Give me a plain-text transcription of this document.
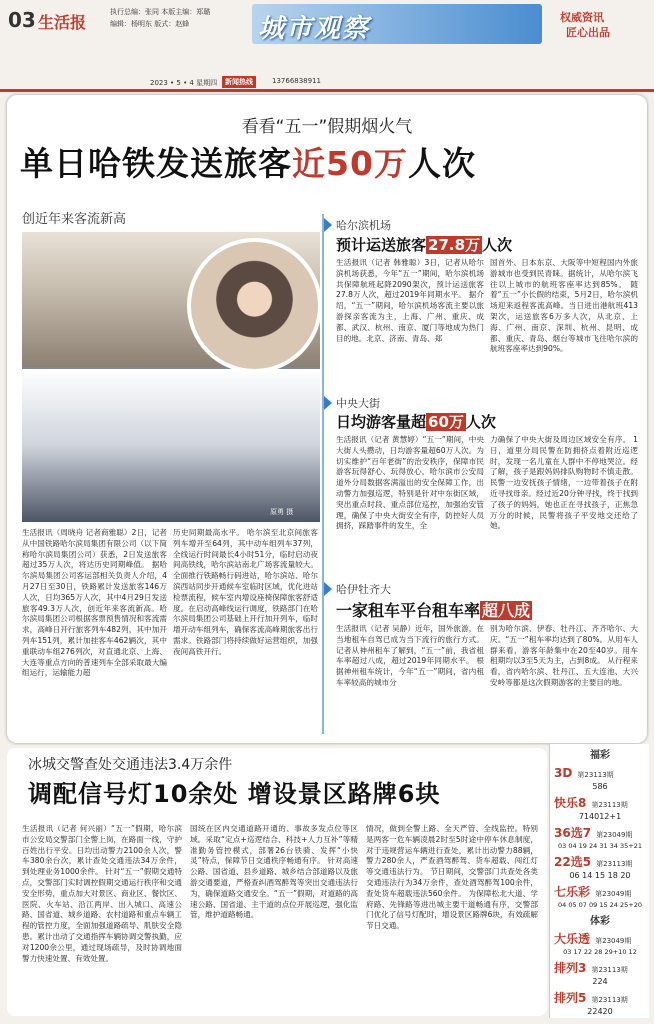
03 生活报
执行总编：张同 本版主编：郑璐
编辑：杨明东 版式：赵蜂	城市观察	权威资讯
匠心出品
2023 • 5 • 4 星期四	新闻热线	13766838911
看看“五一”假期烟火气
单日哈铁发送旅客近50万人次
创近年来客流新高
原勇 摄
生活报讯（周晓舟 记者商雅聪）2日，记者从中国铁路哈尔滨局集团有限公司（以下简称哈尔滨局集团公司）获悉，2日发送旅客超过35万人次，将达历史同期峰值。 据哈尔滨局集团公司客运部相关负责人介绍，4月27日至30日，铁路累计发送旅客146万人次，日均365万人次，其中4月29日发送旅客49.3万人次，创近年来客流新高。哈尔滨局集团公司根据客票预售情况和客流需求，高峰日开行旅客列车482列，其中加开列车151列，累计加挂客车462辆次，其中重联动车组276列次，对直通北京、上海、大连等重点方向的普速列车全部采取最大编组运行，运输能力超
历史同期最高水平。 哈尔滨至北京间旅客列车增开至64列，其中动车组列车37列，全线运行时间最长4小时51分，临时启动夜间高铁线，哈尔滨站南北广场客流量较大。全面推行铁路畅行码进站，哈尔滨站、哈尔滨西站同步开通候车室临时区域，优化进站检票流程，候车室内增设座椅保障旅客舒适度。在启动高峰线运行调度，铁路部门在哈尔滨局集团公司基础上开行加开列车，临时增开动车组列车，确保客流高峰期旅客出行需求。铁路部门将持续做好运营组织，加强夜间高铁开行。
哈尔滨机场
预计运送旅客 27.8万 人次
生活报讯（记者 韩雅聪）3日，记者从哈尔滨机场获悉，今年“五一”期间，哈尔滨机场共保障航班起降2090架次，预计运送旅客27.8万人次，超过2019年同期水平。 据介绍，“五一”期间，哈尔滨机场客流主要以旅游探亲客流为主，上海、广州、重庆、成都、武汉、杭州、南京、厦门等地成为热门目的地。北京、济南、青岛、郑
国首外、日本东京、大阪等中短程国内外旅游城市也受到民青睐。据统计，从哈尔滨飞往以上城市的航班客座率达到85%。 随着“五一”小长假的结束，5月2日，哈尔滨机场迎来返程客流高峰。当日进出港航班413架次，运送旅客6万多人次，从北京、上海、广州、南京、深圳、杭州、昆明、成都、重庆、青岛、烟台等城市飞往哈尔滨的航班客座率达到90%。
中央大街
日均游客量超 60万 人次
生活报讯（记者 黄慧婷）“五一”期间，中央大街人头攒动，日均游客量超60万人次。为切实维护“百年老街”的治安秩序，保障市民游客玩得舒心、玩得放心，哈尔滨市公安局道外分局数据客满溢出的安全保障工作，出动警力加强巡逻，特别是针对中东街区域，突出重点时段、重点部位巡控，加强治安管理，确保了中央大街安全有序，防控好人员拥挤，踩踏事件的发生，全
力确保了中央大街及周边区域安全有序。 1日，道里分局民警在防拥挤点着附近巡逻时，发现一名儿童在人群中不停地哭泣。经了解，孩子是跟妈妈排队购物时不慎走散。民警一边安抚孩子情绪，一边带着孩子在附近寻找母亲。经过近20分钟寻找，终于找到了孩子的妈妈，她也正在寻找孩子，正焦急万分的时候，民警将孩子平安地交还给了她。
哈伊牡齐大
一家租车平台租车率 超八成
生活报讯（记者 吴静）近年，国外旅游，在当地租车自驾已成为当下流行的旅行方式。记者从神州租车了解到，“五一”前，我省租车率超过八成，超过2019年同期水平。 根据神州租车统计，今年“五一”期间，省内租车率较高的城市分
别为哈尔滨、伊春、牡丹江、齐齐哈尔、大庆。“五一”租车率均达到了80%。从用车人群来看，游客年龄集中在20至40岁。用车租期均以3至5天为主，占到8成。 从行程来看，省内哈尔滨、牡丹江、五大连池、大兴安岭等都是这次假期游客的主要目的地。
冰城交警查处交通违法3.4万余件
调配信号灯10余处 增设景区路牌6块
生活报讯（记者 何兴丽）“五一”假期，哈尔滨市公安局交警部门全警上岗，在路面一线，守护百姓出行平安。日均出动警力2100余人次，警车380余台次，累计查处交通违法34万余件，到处理业务1000余件。 针对“五一”假期交通特点，交警部门实时调控假期交通运行秩序和交通安全形势，重点加大对景区、商业区、餐饮区、医院、火车站、沿江两岸、出入城口、高速公路、国省道、城乡道路、农村道路和重点车辆工程的管控力度，全面加强道路疏导、肌肤安全隐患。累计出动了交通指挥车辆协调交警执勤，应对1200余公里，通过现场疏导，及时协调地面警力快速处置、有效处置。
国统在区内交通道路开通的、事故多发点位等区域。采取“定点+巡逻结合、科技+人力互补”等精准勤务管控模式，部署26台铁骑、发挥“小快灵”特点，保障节日交通秩序畅通有序。 针对高速公路、国省道、县乡道路、城乡结合部道路以及旅游交通要道，严格查纠酒驾醉驾等突出交通违法行为，确保道路交通安全。“五一”假期，对道路的高速公路、国省道、主干道的点位开展巡逻，强化监管，维护道路畅通。
情况，做到全警上路、全天严管、全线监控。特别是两客一危车辆凌晨2时至5时途中停车休息制度，对于违规营运车辆进行查处，累计出动警力88辆，警力280余人，严查酒驾醉驾、货车超载、闯红灯等交通违法行为。 节日期间，交警部门共查处各类交通违法行为34万余件，查处酒驾醉驾100余件，查处货车超载违法560余件。 为保障松北大道、学府路、先锋路等进出城主要干道畅通有序，交警部门优化了信号灯配时，增设景区路牌6块，有效疏解节日交通。
福彩
3D 第23113期
586
快乐8 第23113期
714012+1
36选7 第23049期
03 04 19 24 31 34 35+21
22选5 第23113期
06 14 15 18 20
七乐彩 第23049期
04 05 07 09 15 24 25+20
体彩
大乐透 第23049期
03 17 22 28 29+10 12
排列3 第23113期
224
排列5 第23113期
22420
